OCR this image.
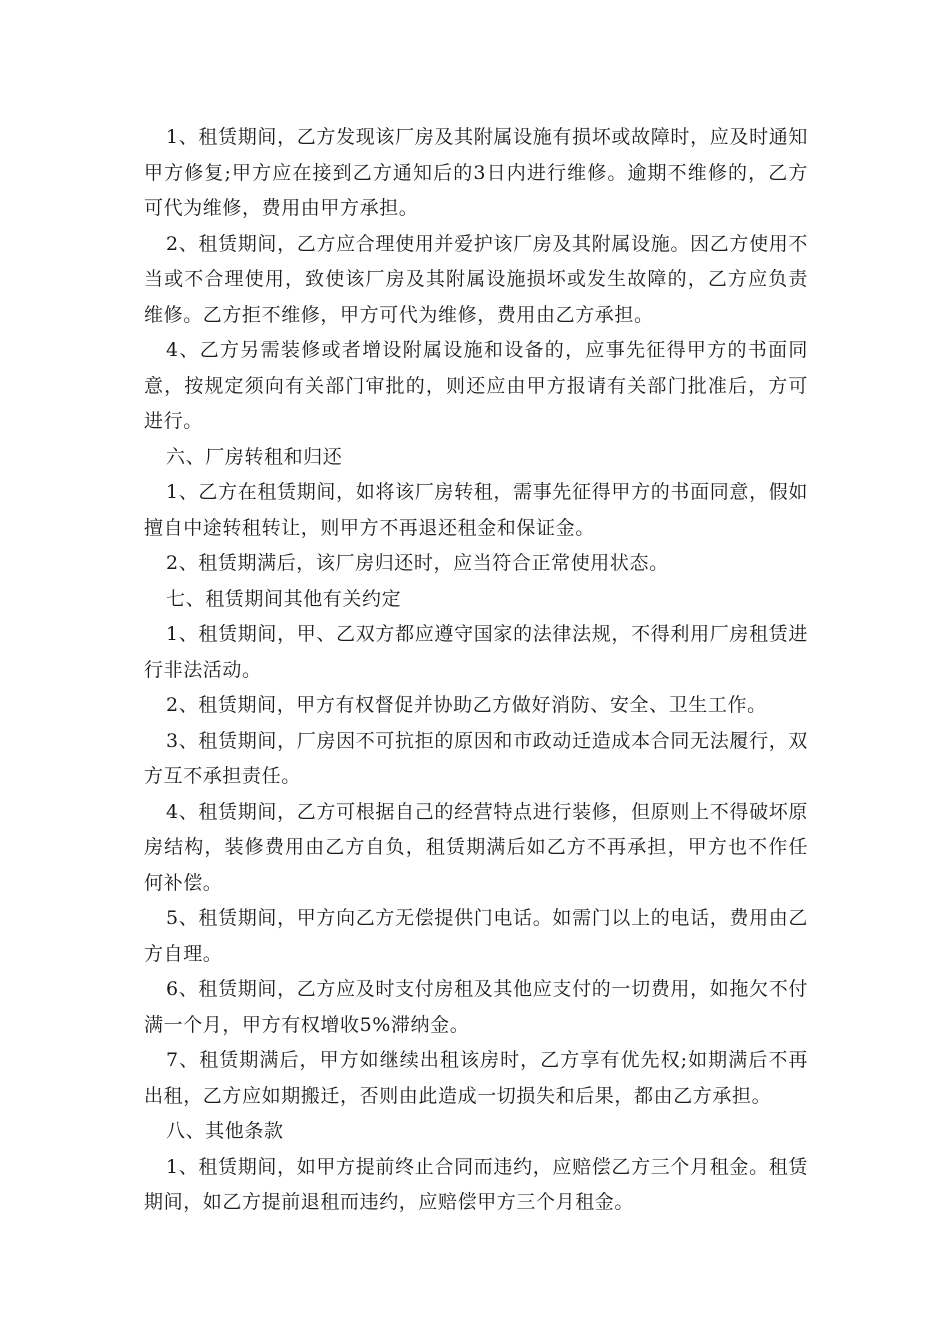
1、租赁期间，乙方发现该厂房及其附属设施有损坏或故障时，应及时通知甲方修复;甲方应在接到乙方通知后的3日内进行维修。逾期不维修的，乙方可代为维修，费用由甲方承担。

2、租赁期间，乙方应合理使用并爱护该厂房及其附属设施。因乙方使用不当或不合理使用，致使该厂房及其附属设施损坏或发生故障的，乙方应负责维修。乙方拒不维修，甲方可代为维修，费用由乙方承担。

4、乙方另需装修或者增设附属设施和设备的，应事先征得甲方的书面同意，按规定须向有关部门审批的，则还应由甲方报请有关部门批准后，方可进行。

六、厂房转租和归还

1、乙方在租赁期间，如将该厂房转租，需事先征得甲方的书面同意，假如擅自中途转租转让，则甲方不再退还租金和保证金。

2、租赁期满后，该厂房归还时，应当符合正常使用状态。

七、租赁期间其他有关约定

1、租赁期间，甲、乙双方都应遵守国家的法律法规，不得利用厂房租赁进行非法活动。

2、租赁期间，甲方有权督促并协助乙方做好消防、安全、卫生工作。

3、租赁期间，厂房因不可抗拒的原因和市政动迁造成本合同无法履行，双方互不承担责任。

4、租赁期间，乙方可根据自己的经营特点进行装修，但原则上不得破坏原房结构，装修费用由乙方自负，租赁期满后如乙方不再承担，甲方也不作任何补偿。

5、租赁期间，甲方向乙方无偿提供门电话。如需门以上的电话，费用由乙方自理。

6、租赁期间，乙方应及时支付房租及其他应支付的一切费用，如拖欠不付满一个月，甲方有权增收5%滞纳金。

7、租赁期满后，甲方如继续出租该房时，乙方享有优先权;如期满后不再出租，乙方应如期搬迁，否则由此造成一切损失和后果，都由乙方承担。

八、其他条款

1、租赁期间，如甲方提前终止合同而违约，应赔偿乙方三个月租金。租赁期间，如乙方提前退租而违约，应赔偿甲方三个月租金。
